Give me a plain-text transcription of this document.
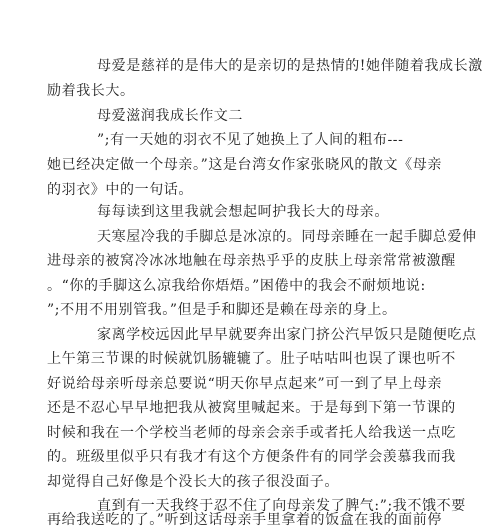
母爱是慈祥的是伟大的是亲切的是热情的!她伴随着我成长激
励着我长大。
母爱滋润我成长作文二
”;有一天她的羽衣不见了她换上了人间的粗布---
她已经决定做一个母亲。”这是台湾女作家张晓风的散文《母亲
的羽衣》中的一句话。
每每读到这里我就会想起呵护我长大的母亲。
天寒屋冷我的手脚总是冰凉的。同母亲睡在一起手脚总爱伸
进母亲的被窝冷冰冰地触在母亲热乎乎的皮肤上母亲常常被激醒
。“你的手脚这么凉我给你焐焐。”困倦中的我会不耐烦地说:
”;不用不用别管我。”但是手和脚还是赖在母亲的身上。
家离学校远因此早早就要奔出家门挤公汽早饭只是随便吃点
上午第三节课的时候就饥肠辘辘了。肚子咕咕叫也误了课也听不
好说给母亲听母亲总要说“明天你早点起来”可一到了早上母亲
还是不忍心早早地把我从被窝里喊起来。于是每到下第一节课的
时候和我在一个学校当老师的母亲会亲手或者托人给我送一点吃
的。班级里似乎只有我才有这个方便条件有的同学会羡慕我而我
却觉得自己好像是个没长大的孩子很没面子。
直到有一天我终于忍不住了向母亲发了脾气:”;我不饿不要
再给我送吃的了。”听到这话母亲手里拿着的饭盒在我的面前停
